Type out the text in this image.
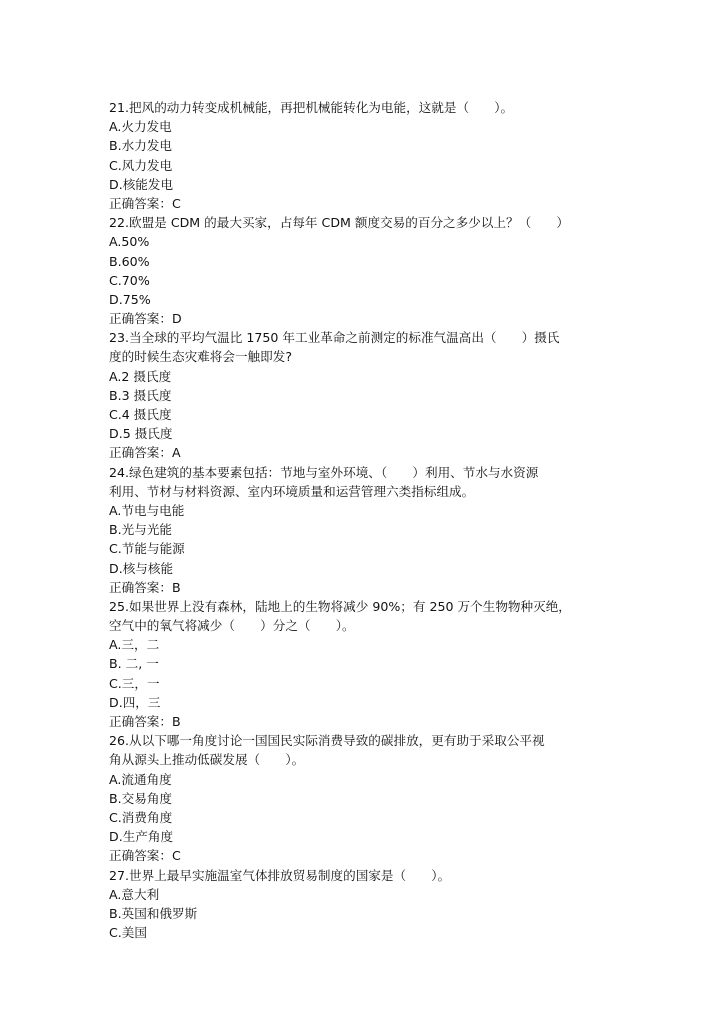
21.把风的动力转变成机械能，再把机械能转化为电能，这就是（　　）。
A.火力发电
B.水力发电
C.风力发电
D.核能发电
正确答案：C
22.欧盟是 CDM 的最大买家，占每年 CDM 额度交易的百分之多少以上？（　　）
A.50%
B.60%
C.70%
D.75%
正确答案：D
23.当全球的平均气温比 1750 年工业革命之前测定的标准气温高出（　　）摄氏
度的时候生态灾难将会一触即发?
A.2 摄氏度
B.3 摄氏度
C.4 摄氏度
D.5 摄氏度
正确答案：A
24.绿色建筑的基本要素包括：节地与室外环境、（　　）利用、节水与水资源
利用、节材与材料资源、室内环境质量和运营管理六类指标组成。
A.节电与电能
B.光与光能
C.节能与能源
D.核与核能
正确答案：B
25.如果世界上没有森林，陆地上的生物将减少 90%；有 250 万个生物物种灭绝，
空气中的氧气将减少（　　）分之（　　）。
A.三，二
B. 二, 一
C.三，一
D.四，三
正确答案：B
26.从以下哪一角度讨论一国国民实际消费导致的碳排放，更有助于采取公平视
角从源头上推动低碳发展（　　）。
A.流通角度
B.交易角度
C.消费角度
D.生产角度
正确答案：C
27.世界上最早实施温室气体排放贸易制度的国家是（　　）。
A.意大利
B.英国和俄罗斯
C.美国
